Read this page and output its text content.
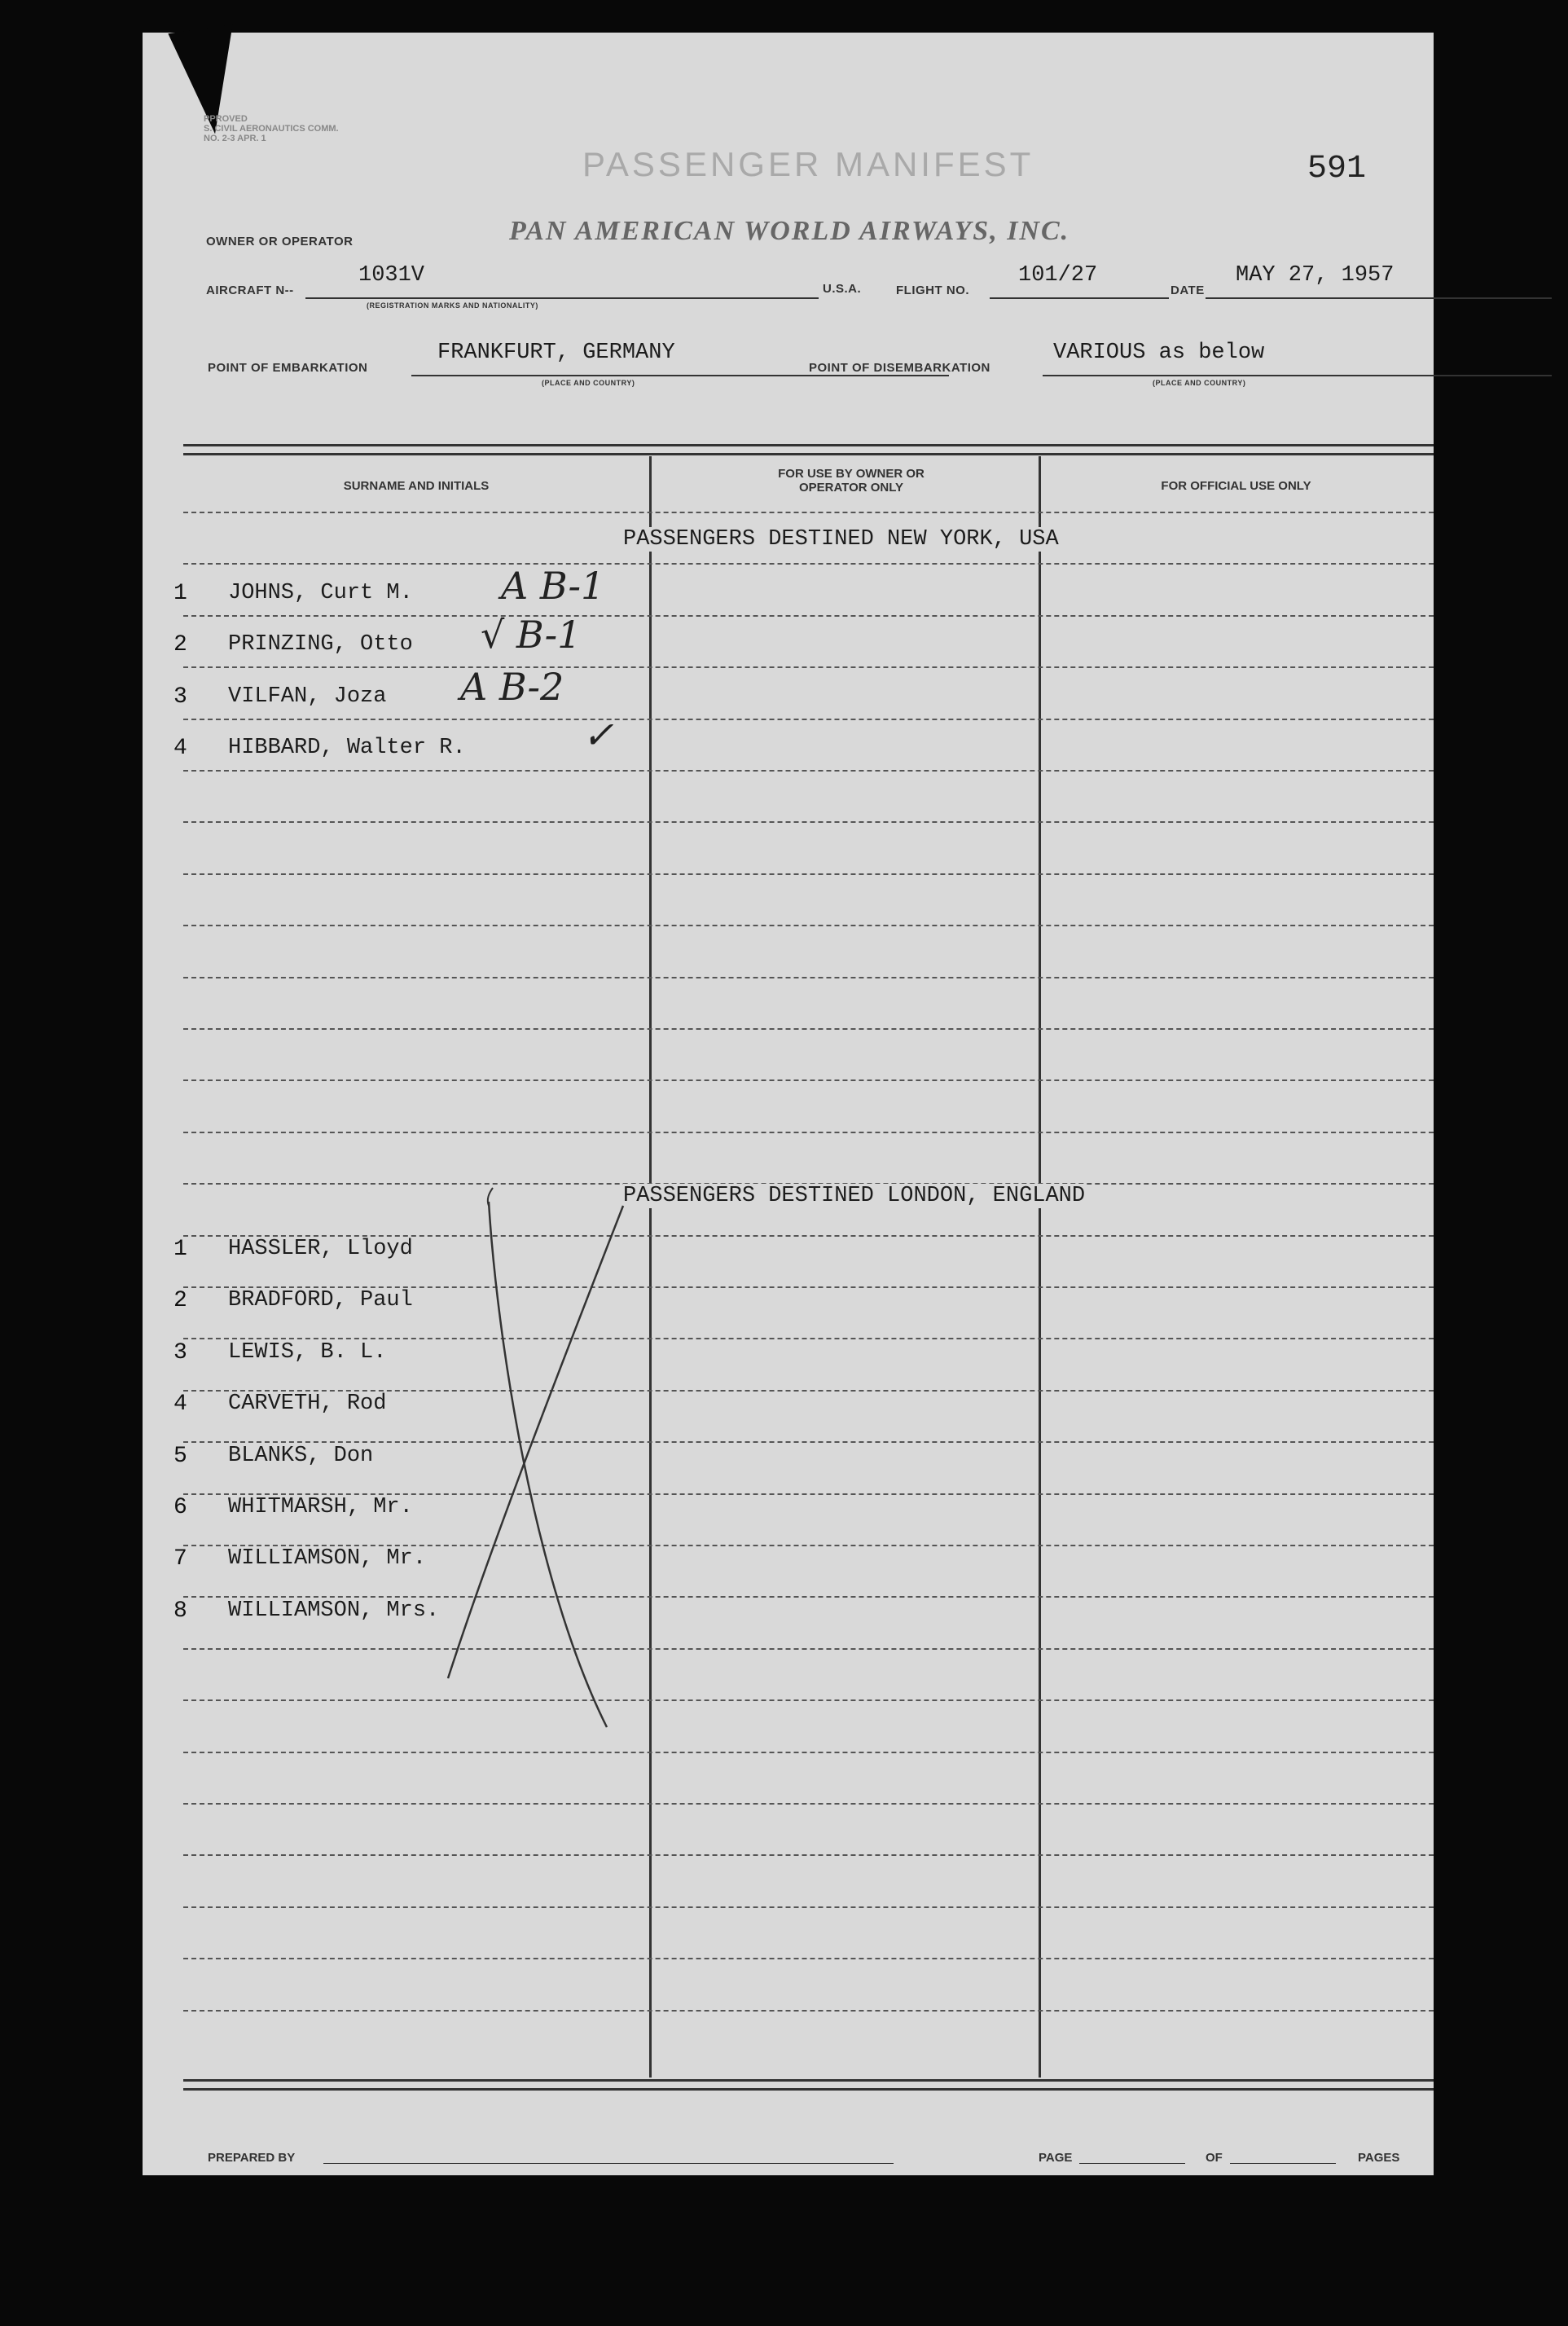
PPROVED
S. CIVIL AERONAUTICS COMM.
NO. 2-3 APR. 1
PASSENGER MANIFEST	591
OWNER OR OPERATOR	PAN AMERICAN WORLD AIRWAYS, INC.
AIRCRAFT N--
1031V
(REGISTRATION MARKS AND NATIONALITY)
U.S.A.	FLIGHT NO.
101/27
DATE
MAY 27, 1957
POINT OF EMBARKATION
FRANKFURT, GERMANY
(PLACE AND COUNTRY)
POINT OF DISEMBARKATION
VARIOUS as below
(PLACE AND COUNTRY)
SURNAME AND INITIALS
FOR USE BY OWNER OR OPERATOR ONLY	FOR OFFICIAL USE ONLY
PASSENGERS DESTINED NEW YORK, USA
1 JOHNS, Curt M. A B-1
2 PRINZING, Otto √ B-1
3 VILFAN, Joza A B-2
4 HIBBARD, Walter R.	✓
PASSENGERS DESTINED LONDON, ENGLAND
1 HASSLER, Lloyd
2 BRADFORD, Paul
3 LEWIS, B. L.
4 CARVETH, Rod
5 BLANKS, Don
6 WHITMARSH, Mr.
7 WILLIAMSON, Mr.
8 WILLIAMSON, Mrs.
PREPARED BY	PAGE	OF	PAGES
